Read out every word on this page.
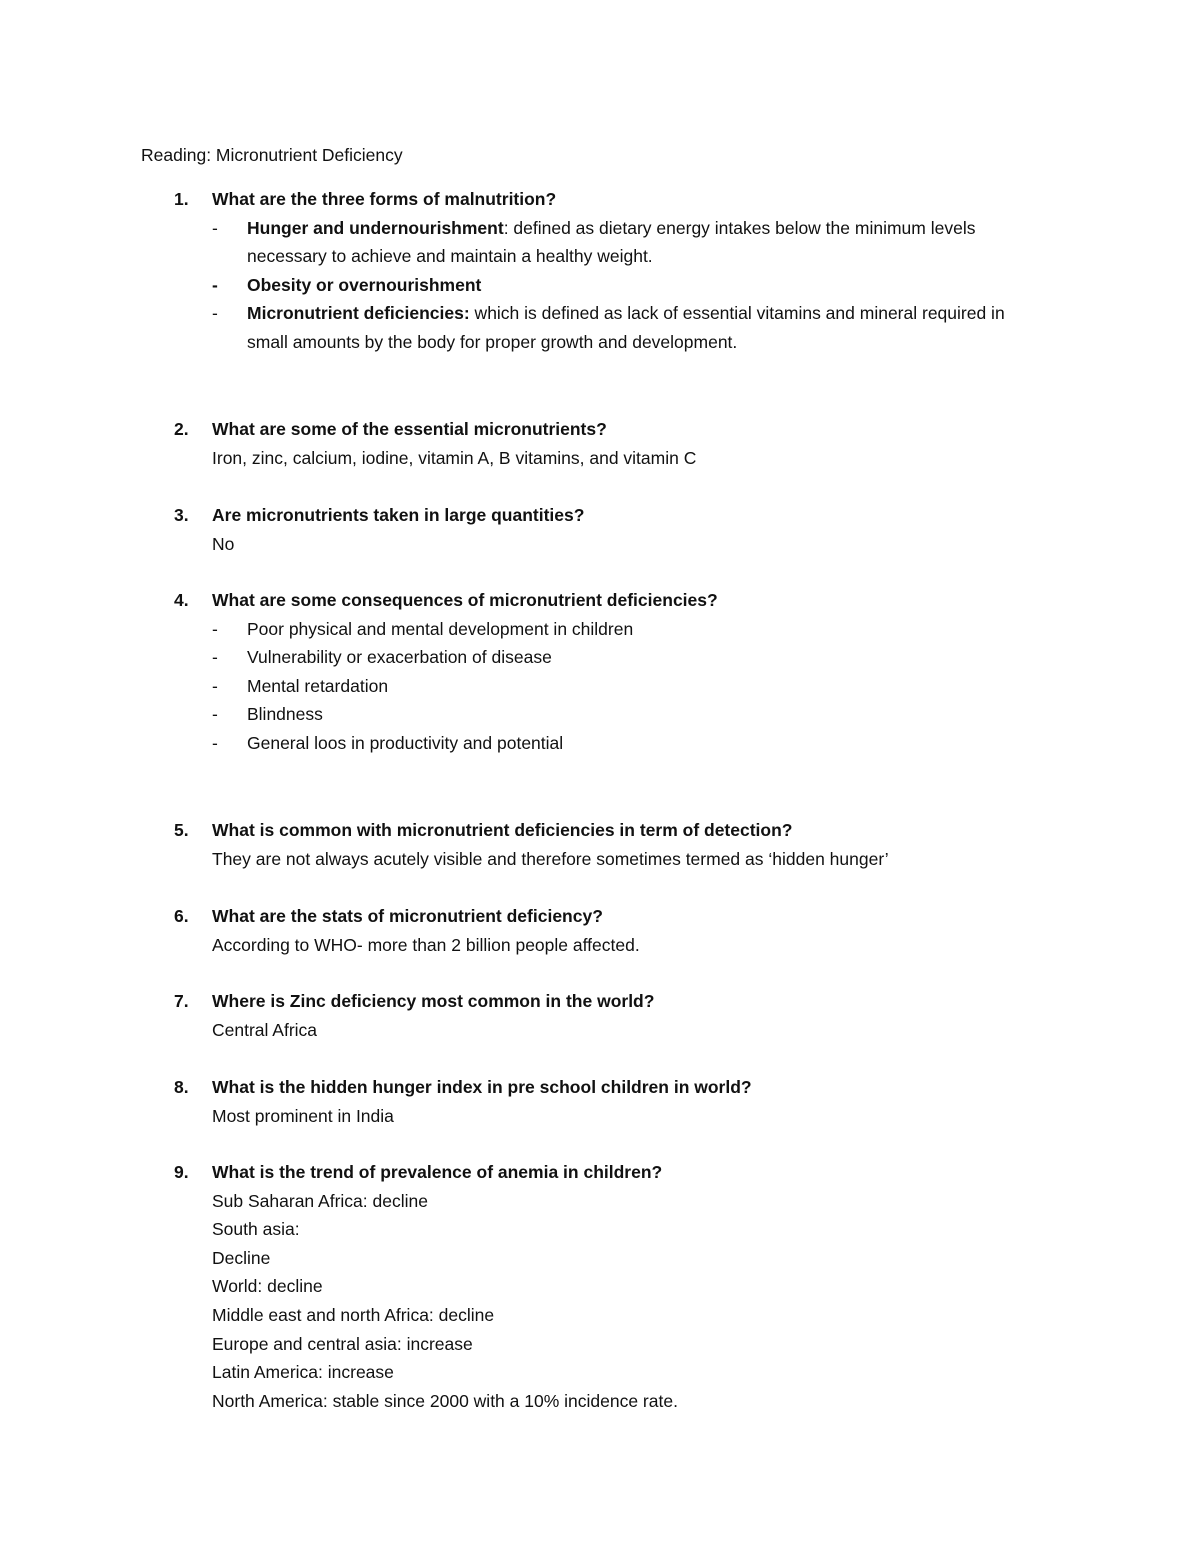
Reading: Micronutrient Deficiency
1. What are the three forms of malnutrition?
- Hunger and undernourishment: defined as dietary energy intakes below the minimum levels necessary to achieve and maintain a healthy weight.
- Obesity or overnourishment
- Micronutrient deficiencies: which is defined as lack of essential vitamins and mineral required in small amounts by the body for proper growth and development.
2. What are some of the essential micronutrients?
Iron, zinc, calcium, iodine, vitamin A, B vitamins, and vitamin C
3. Are micronutrients taken in large quantities?
No
4. What are some consequences of micronutrient deficiencies?
- Poor physical and mental development in children
- Vulnerability or exacerbation of disease
- Mental retardation
- Blindness
- General loos in productivity and potential
5. What is common with micronutrient deficiencies in term of detection?
They are not always acutely visible and therefore sometimes termed as ‘hidden hunger’
6. What are the stats of micronutrient deficiency?
According to WHO- more than 2 billion people affected.
7. Where is Zinc deficiency most common in the world?
Central Africa
8. What is the hidden hunger index in pre school children in world?
Most prominent in India
9. What is the trend of prevalence of anemia in children?
Sub Saharan Africa: decline
South asia:
Decline
World: decline
Middle east and north Africa: decline
Europe and central asia: increase
Latin America: increase
North America: stable since 2000 with a 10% incidence rate.
